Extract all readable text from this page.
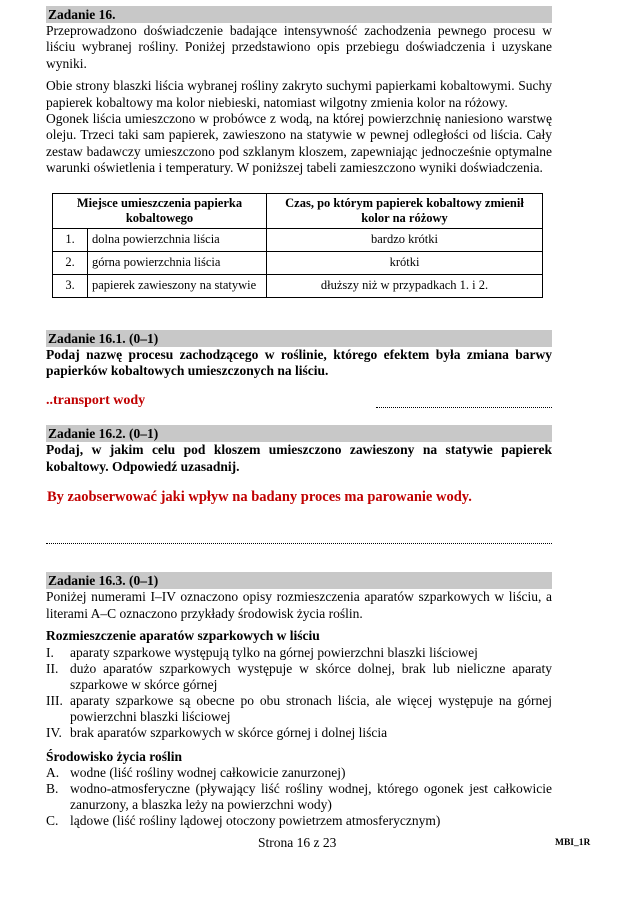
Zadanie 16.

Przeprowadzono doświadczenie badające intensywność zachodzenia pewnego procesu w liściu wybranej rośliny. Poniżej przedstawiono opis przebiegu doświadczenia i uzyskane wyniki.

Obie strony blaszki liścia wybranej rośliny zakryto suchymi papierkami kobaltowymi. Suchy papierek kobaltowy ma kolor niebieski, natomiast wilgotny zmienia kolor na różowy.

Ogonek liścia umieszczono w probówce z wodą, na której powierzchnię naniesiono warstwę oleju. Trzeci taki sam papierek, zawieszono na statywie w pewnej odległości od liścia. Cały zestaw badawczy umieszczono pod szklanym kloszem, zapewniając jednocześnie optymalne warunki oświetlenia i temperatury. W poniższej tabeli zamieszczono wyniki doświadczenia.

Miejsce umieszczenia papierka kobaltowego		Czas, po którym papierek kobaltowy zmienił kolor na różowy
1.	dolna powierzchnia liścia	bardzo krótki
2.	górna powierzchnia liścia	krótki
3.	papierek zawieszony na statywie	dłuższy niż w przypadkach 1. i 2.
Zadanie 16.1. (0–1)

Podaj nazwę procesu zachodzącego w roślinie, którego efektem była zmiana barwy papierków kobaltowych umieszczonych na liściu.

..transport wody
Zadanie 16.2. (0–1)

Podaj, w jakim celu pod kloszem umieszczono zawieszony na statywie papierek kobaltowy. Odpowiedź uzasadnij.

By zaobserwować jaki wpływ na badany proces ma parowanie wody.
Zadanie 16.3. (0–1)

Poniżej numerami I–IV oznaczono opisy rozmieszczenia aparatów szparkowych w liściu, a literami A–C oznaczono przykłady środowisk życia roślin.

Rozmieszczenie aparatów szparkowych w liściu

I. aparaty szparkowe występują tylko na górnej powierzchni blaszki liściowej
II. dużo aparatów szparkowych występuje w skórce dolnej, brak lub nieliczne aparaty szparkowe w skórce górnej
III. aparaty szparkowe są obecne po obu stronach liścia, ale więcej występuje na górnej powierzchni blaszki liściowej
IV. brak aparatów szparkowych w skórce górnej i dolnej liścia

Środowisko życia roślin

A. wodne (liść rośliny wodnej całkowicie zanurzonej)
B. wodno-atmosferyczne (pływający liść rośliny wodnej, którego ogonek jest całkowicie zanurzony, a blaszka leży na powierzchni wody)
C. lądowe (liść rośliny lądowej otoczony powietrzem atmosferycznym)
Strona 16 z 23	MBI_1R
